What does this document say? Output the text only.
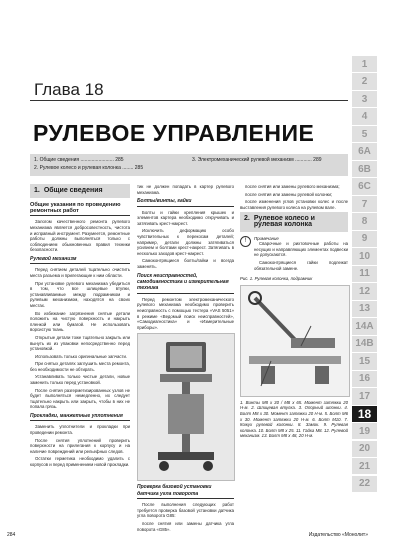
Глава 18
РУЛЕВОЕ УПРАВЛЕНИЕ
1. Общие сведения ........................ 285
2. Рулевое колесо и рулевая колонка ........ 285
3. Электромеханический рулевой механизм ............ 289
1. Общие сведения
Общие указания по проведению ремонтных работ

Залогом качественного ремонта рулевого механизма является добросовестность, чистота и исправный инструмент. Разумеется, ремонтные работы должны выполняться только с соблюдением обыкновенных правил техники безопасности.

Рулевой механизм

Перед снятием деталей тщательно очистить места разъема и прилегающие к ним области.

При установке рулевого механизма убедиться в том, что все шлицевые втулки, устанавливаемые между подрамником и рулевым механизмом, находятся на своих местах.

Во избежание загрязнения снятые детали положить на чистую поверхность и накрыть пленкой или бумагой. Не использовать ворсистую ткань.

Открытые детали тоже тщательно закрыть или вынуть их из упаковки непосредственно перед установкой.

Использовать только оригинальные запчасти.

При снятых деталях заглушить места ремонта, без необходимости не обтирать.

Устанавливать только чистые детали, новые заменить только перед установкой.

После снятия разгерметизированных узлов не будет выполняться немедленно, их следует тщательно накрыть или закрыть, чтобы в них не попала грязь.

Прокладки, манжетные уплотнения

Заменить уплотнители и прокладки при проведении ремонта.

После снятия уплотнений проверить поверхности на прилегания к корпусу и на наличие повреждений или рельефных следов.

Остатки герметика необходимо удалить с корпусов и перед применением новой прокладки.

тик не должен попадать в картер рулевого механизма.

Болты/винты, гайки

Болты и гайки крепления крышек и элементов картера необходимо откручивать и затягивать крест-накрест.

Исключить деформацию особо чувствительных к перекосам деталей; например, детали должны затягиваться усилием и болтами крест-накрест. Затягивать в несколько заходов крест-накрест.

Самоконтрящиеся болты/гайки и всегда заменять.

Поиск неисправностей, самодиагностика и измерительная техника

Перед ремонтом электромеханического рулевого механизма необходимо проверить неисправность с помощью тестера «VAS 5051» в режиме «Ведомый поиск неисправностей», «Самодиагностика» и «Измерительные приборы».

Проверка базовой установки датчика угла поворота

После выполнения следующих работ требуется проверка базовой установки датчика угла поворота G85:

после снятия или замены датчика угла поворота «G85».

после снятия или замены рулевого механизма;

после снятия или замены рулевой колонки;

после изменения углов установки колес и после выставления рулевого колеса на рулевом вале.

2. Рулевое колесо и рулевая колонка
!	Примечание

Сварочные и рихтовочные работы на несущих и направляющих элементах подвески не допускаются.

Самоконтрящиеся гайки подлежат обязательной замене.

Рис. 1. Рулевая колонка, подрамник

1. Винты M8 х 30 / M8 х 65. Момент затяжки 20 Н·м. 2. Шлицевая втулка. 3. Опорный шпонки. 4. Болт M8 х 30. Момент затяжки 20 Н·м. 5. Болт M6 х 30. Момент затяжки 20 Н·м. 6. Болт M10. 7. Кожух рулевой колонки. 8. Замок. 9. Рулевая колонка. 10. Болт M8 х 25. 11. Гайка M8. 12. Рулевой механизм. 13. Болт M8 х 48, 20 Н·м.

1
2
3
4
5
6A
6B
6C
7
8
9
10
11
12
13
14A
14B
15
16
17
18
19
20
21
22
284	Издательство «Монолит»
